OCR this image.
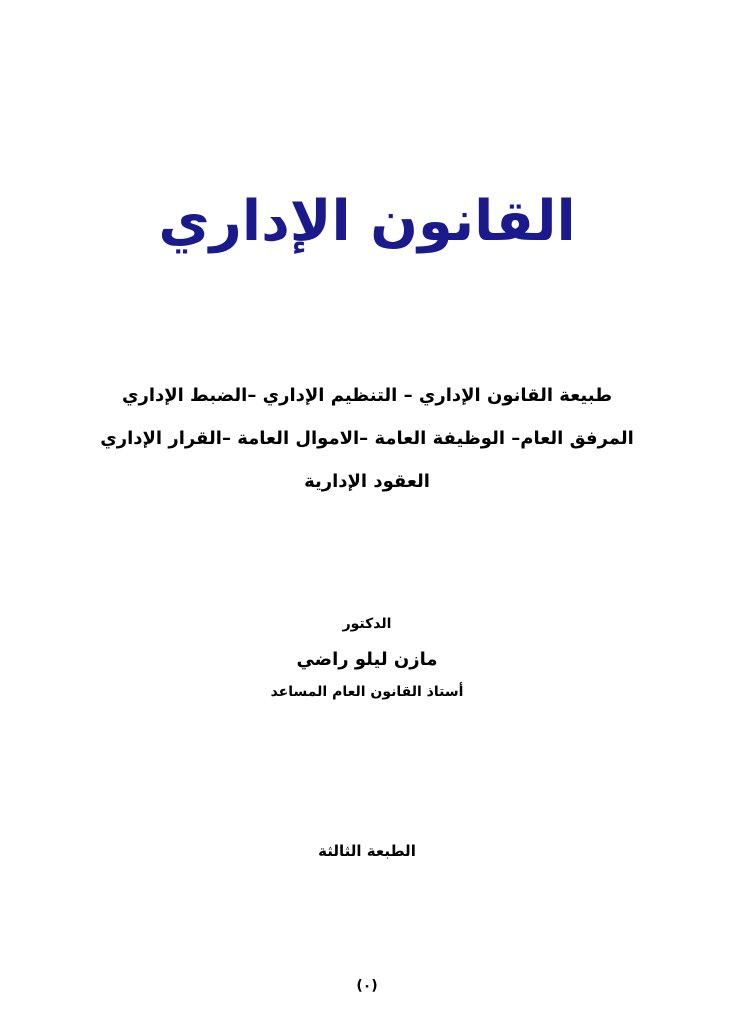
القانون الإداري
طبيعة القانون الإداري – التنظيم الإداري –الضبط الإداري
المرفق العام– الوظيفة العامة –الاموال العامة –القرار الإداري
العقود الإدارية
الدكتور
مازن ليلو راضي
أستاذ القانون العام المساعد
الطبعة الثالثة
(٠)
